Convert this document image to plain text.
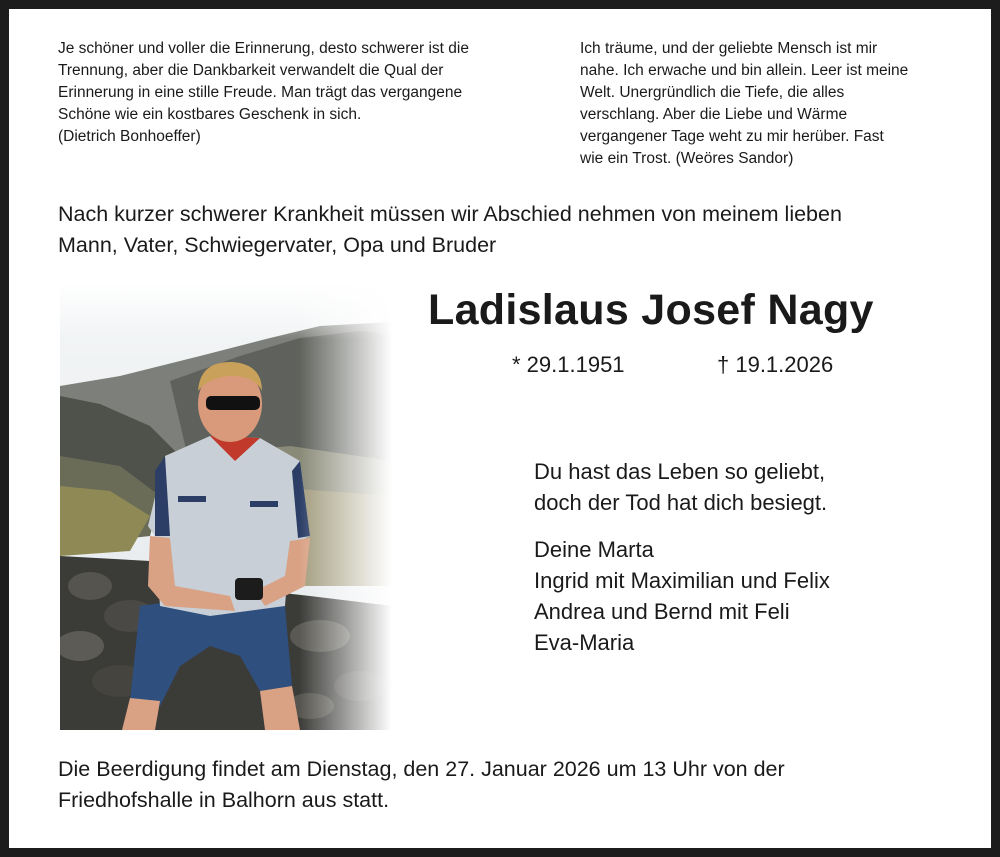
Je schöner und voller die Erinnerung, desto schwerer ist die
Trennung, aber die Dankbarkeit verwandelt die Qual der
Erinnerung in eine stille Freude. Man trägt das vergangene
Schöne wie ein kostbares Geschenk in sich.
(Dietrich Bonhoeffer)
Ich träume, und der geliebte Mensch ist mir
nahe. Ich erwache und bin allein. Leer ist meine
Welt. Unergründlich die Tiefe, die alles
verschlang. Aber die Liebe und Wärme
vergangener Tage weht zu mir herüber. Fast
wie ein Trost. (Weöres Sandor)
Nach kurzer schwerer Krankheit müssen wir Abschied nehmen von meinem lieben
Mann, Vater, Schwiegervater, Opa und Bruder
Ladislaus Josef Nagy
* 29.1.1951	† 19.1.2026
Du hast das Leben so geliebt,
doch der Tod hat dich besiegt.
Deine Marta
Ingrid mit Maximilian und Felix
Andrea und Bernd mit Feli
Eva-Maria
Die Beerdigung findet am Dienstag, den 27. Januar 2026 um 13 Uhr von der
Friedhofshalle in Balhorn aus statt.
